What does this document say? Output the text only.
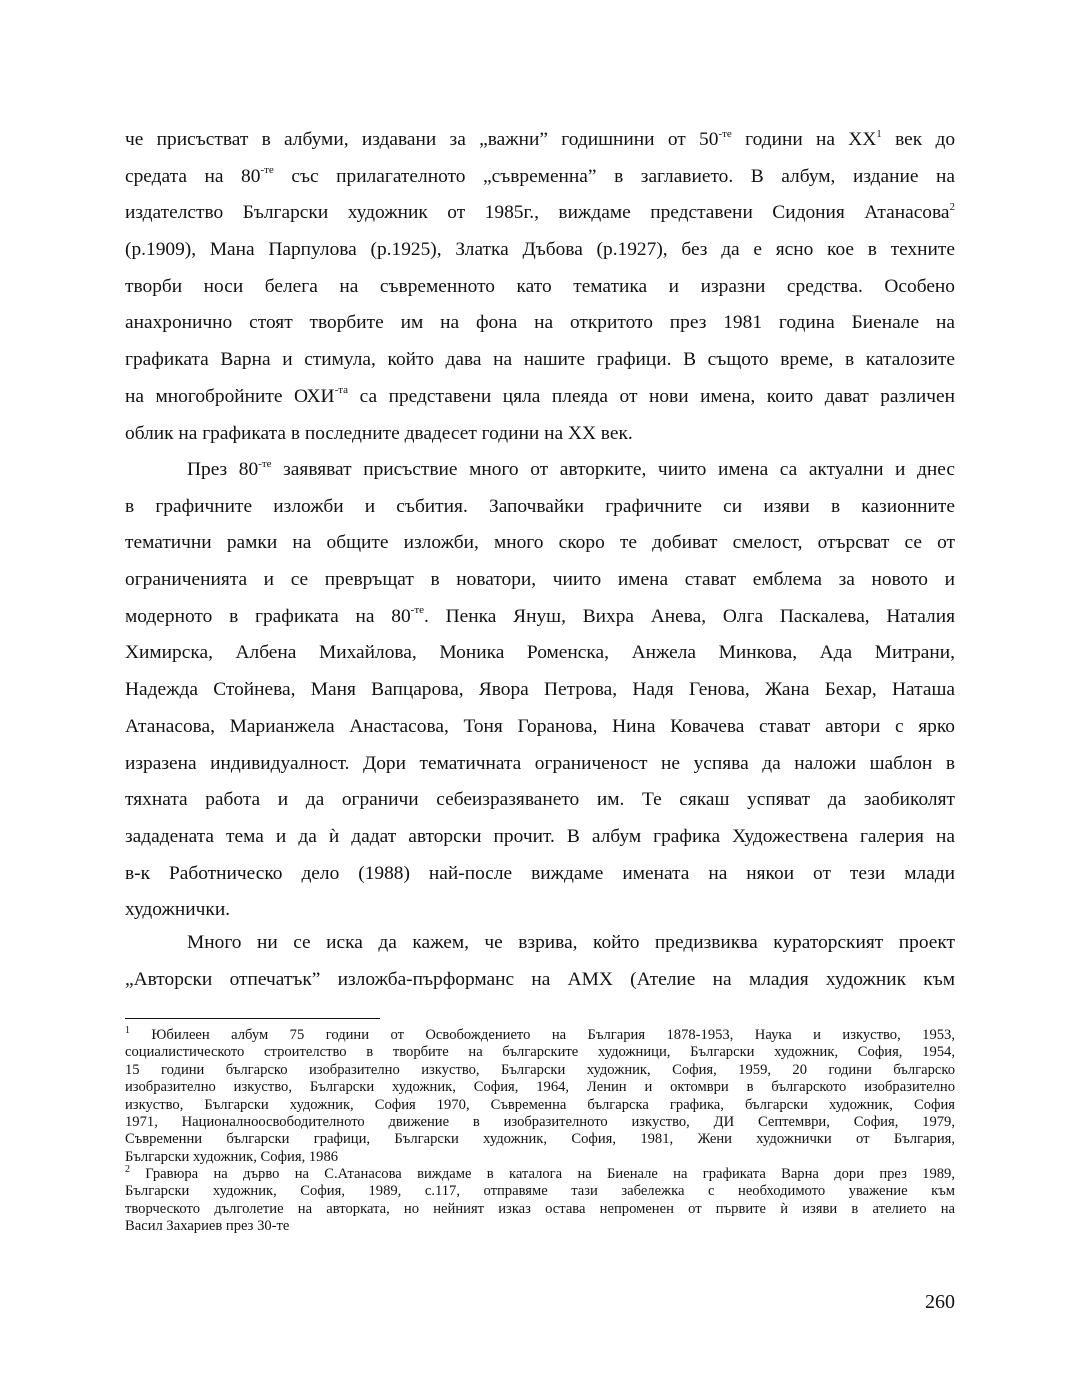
че присъстват в албуми, издавани за „важни” годишнини от $50^{-те}$ години на $ХХ^1$ век до
средата на $80^{-те}$ със прилагателното „съвременна” в заглавието. В албум, издание на
издателство Български художник от 1985г., виждаме представени Сидония Атанасова$^2$
(р.1909), Мана Парпулова (р.1925), Златка Дъбова (р.1927), без да е ясно кое в техните
творби носи белега на съвременното като тематика и изразни средства. Особено
анахронично стоят творбите им на фона на откритото през 1981 година Биенале на
графиката Варна и стимула, който дава на нашите графици. В същото време, в каталозите
на многобройните $ОХИ^{-та}$ са представени цяла плеяда от нови имена, които дават различен
облик на графиката в последните двадесет години на ХХ век.

През $80^{-те}$ заявяват присъствие много от авторките, чиито имена са актуални и днес
в графичните изложби и събития. Започвайки графичните си изяви в казионните
тематични рамки на общите изложби, много скоро те добиват смелост, отърсват се от
ограниченията и се превръщат в новатори, чиито имена стават емблема за новото и
модерното в графиката на $80^{-те}$. Пенка Януш, Вихра Анева, Олга Паскалева, Наталия
Химирска, Албена Михайлова, Моника Роменска, Анжела Минкова, Ада Митрани,
Надежда Стойнева, Маня Вапцарова, Явора Петрова, Надя Генова, Жана Бехар, Наташа
Атанасова, Марианжела Анастасова, Тоня Горанова, Нина Ковачева стават автори с ярко
изразена индивидуалност. Дори тематичната ограниченост не успява да наложи шаблон в
тяхната работа и да ограничи себеизразяването им. Те сякаш успяват да заобиколят
зададената тема и да ѝ дадат авторски прочит. В албум графика Художествена галерия на
в-к Работническо дело (1988) най-после виждаме имената на някои от тези млади
художнички.

Много ни се иска да кажем, че взрива, който предизвиква кураторският проект
„Авторски отпечатък” изложба-пърформанс на АМХ (Ателие на младия художник към

$^1$ Юбилеен албум 75 години от Освобождението на България 1878-1953, Наука и изкуство, 1953,
социалистическото строителство в творбите на българските художници, Български художник, София, 1954,
15 години българско изобразително изкуство, Български художник, София, 1959, 20 години българско
изобразително изкуство, Български художник, София, 1964, Ленин и октомври в българското изобразително
изкуство, Български художник, София 1970, Съвременна българска графика, български художник, София
1971, Националноосвободителното движение в изобразителното изкуство, ДИ Септември, София, 1979,
Съвременни български графици, Български художник, София, 1981, Жени художнички от България,
Български художник, София, 1986

$^2$ Гравюра на дърво на С.Атанасова виждаме в каталога на Биенале на графиката Варна дори през 1989,
Български художник, София, 1989, с.117, отправяме тази забележка с необходимото уважение към
творческото дълголетие на авторката, но нейният изказ остава непроменен от първите ѝ изяви в ателието на
Васил Захариев през 30-те

260
